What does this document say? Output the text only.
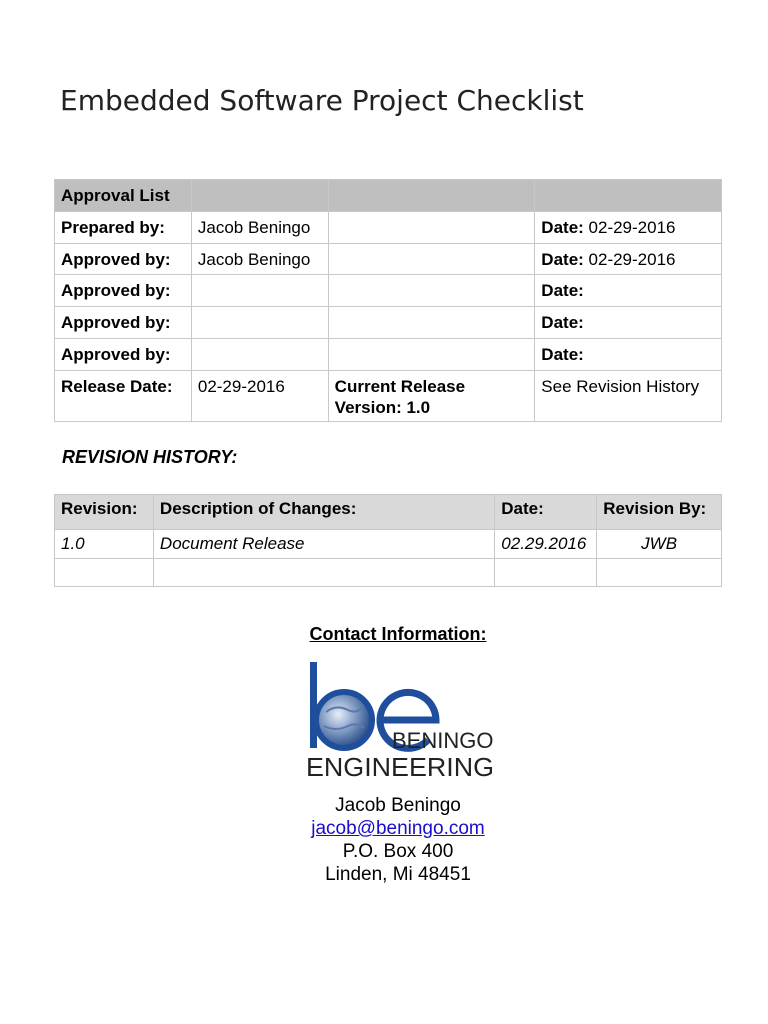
Embedded Software Project Checklist
Approval List			
Prepared by:	Jacob Beningo		Date: 02-29-2016
Approved by:	Jacob Beningo		Date: 02-29-2016
Approved by:			Date:
Approved by:			Date:
Approved by:			Date:
Release Date:	02-29-2016	Current Release Version: 1.0	See Revision History
REVISION HISTORY:
Revision:	Description of Changes:	Date:	Revision By:
1.0	Document Release	02.29.2016	JWB

Contact Information:
BENINGO
ENGINEERING
Jacob Beningo
jacob@beningo.com
P.O. Box 400
Linden, Mi 48451
